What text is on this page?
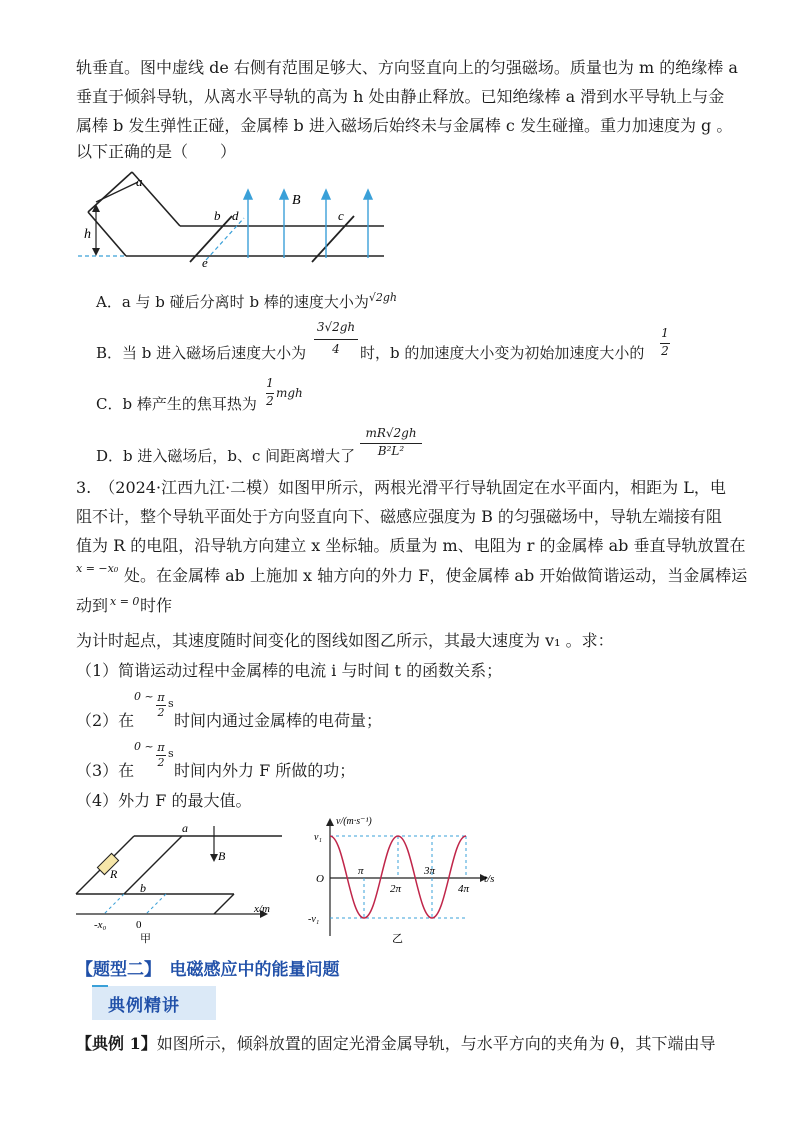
轨垂直。图中虚线 de 右侧有范围足够大、方向竖直向上的匀强磁场。质量也为 m 的绝缘棒 a
垂直于倾斜导轨，从离水平导轨的高为 h 处由静止释放。已知绝缘棒 a 滑到水平导轨上与金
属棒 b 发生弹性正碰，金属棒 b 进入磁场后始终未与金属棒 c 发生碰撞。重力加速度为 g 。
以下正确的是（　　）
a
b d	c
e
h
B
A．a 与 b 碰后分离时 b 棒的速度大小为$^{√2gh}$
B．当 b 进入磁场后速度大小为
3√2gh
4	时，b 的加速度大小变为初始加速度大小的
1
2
C．b 棒产生的焦耳热为
1
2
mgh
D．b 进入磁场后，b、c 间距离增大了
mR√2gh
B²L²
3.　（2024·江西九江·二模）如图甲所示，两根光滑平行导轨固定在水平面内，相距为 L，电
阻不计，整个导轨平面处于方向竖直向下、磁感应强度为 B 的匀强磁场中，导轨左端接有阻
值为 R 的电阻，沿导轨方向建立 x 坐标轴。质量为 m、电阻为 r 的金属棒 ab 垂直导轨放置在
x = −x₀ 处。在金属棒 ab 上施加 x 轴方向的外力 F，使金属棒 ab 开始做简谐运动，当金属棒运
动到 x = 0 时作
为计时起点，其速度随时间变化的图线如图乙所示，其最大速度为 v₁ 。求：
（1）简谐运动过程中金属棒的电流 i 与时间 t 的函数关系；
（2）在
0 ~ π
2
s
时间内通过金属棒的电荷量；
（3）在
0 ~ π
2
s
时间内外力 F 所做的功；
（4）外力 F 的最大值。
a
b
R
B
-x₀	0
x/m
甲
v/(m·s⁻¹)
v₁
-v₁
O
π
2π
3π
4π
t/s
乙
【题型二】　电磁感应中的能量问题
典例精讲
【典例 1】如图所示，倾斜放置的固定光滑金属导轨，与水平方向的夹角为 θ，其下端由导
